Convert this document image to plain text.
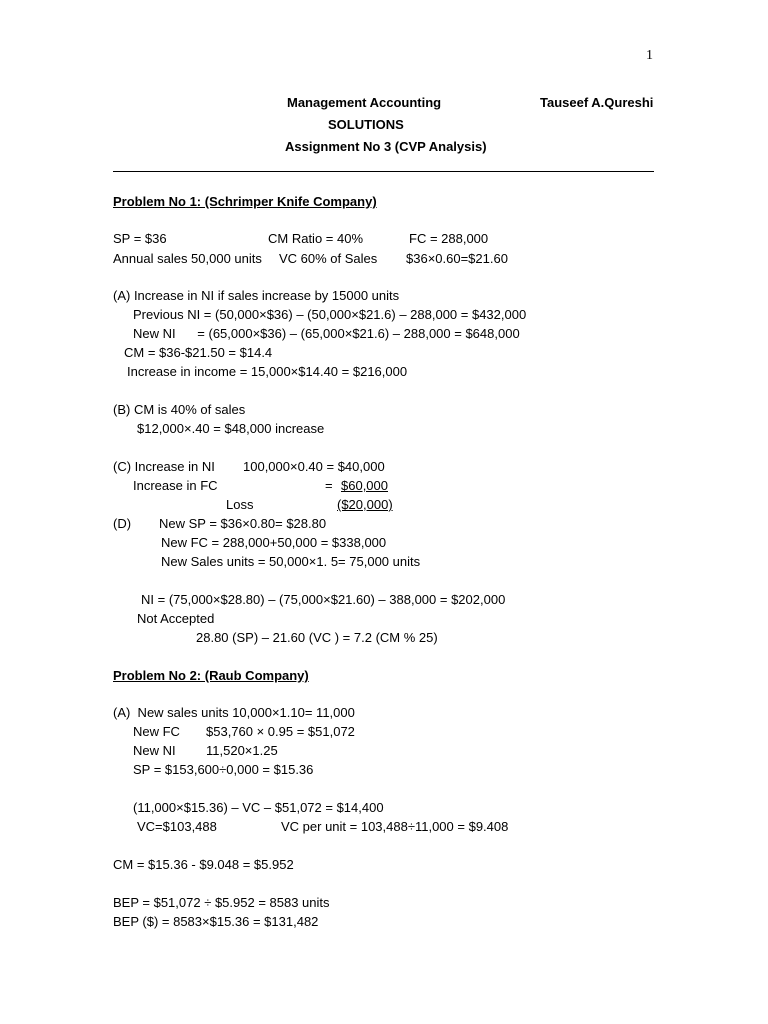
1
Management Accounting	Tauseef A.Qureshi
SOLUTIONS
Assignment No 3 (CVP Analysis)
Problem No 1: (Schrimper Knife Company)
SP = $36	CM Ratio = 40%	FC = 288,000
Annual sales 50,000 units VC 60% of Sales $36×0.60=$21.60
(A) Increase in NI if sales increase by 15000 units
Previous NI = (50,000×$36) – (50,000×$21.6) – 288,000 = $432,000
New NI      = (65,000×$36) – (65,000×$21.6) – 288,000 = $648,000
CM = $36-$21.50 = $14.4
Increase in income = 15,000×$14.40 = $216,000
(B) CM is 40% of sales
$12,000×.40 = $48,000 increase
(C) Increase in NI 100,000×0.40 = $40,000
Increase in FC	= $60,000
Loss	($20,000)
(D) New SP = $36×0.80= $28.80
New FC = 288,000+50,000 = $338,000
New Sales units = 50,000×1. 5= 75,000 units
NI = (75,000×$28.80) – (75,000×$21.60) – 388,000 = $202,000
Not Accepted
28.80 (SP) – 21.60 (VC ) = 7.2 (CM % 25)
Problem No 2: (Raub Company)
(A)  New sales units 10,000×1.10= 11,000
New FC $53,760 × 0.95 = $51,072
New NI 11,520×1.25
SP = $153,600÷0,000 = $15.36
(11,000×$15.36) – VC – $51,072 = $14,400
VC=$103,488	VC per unit = 103,488÷11,000 = $9.408
CM = $15.36 - $9.048 = $5.952
BEP = $51,072 ÷ $5.952 = 8583 units
BEP ($) = 8583×$15.36 = $131,482
